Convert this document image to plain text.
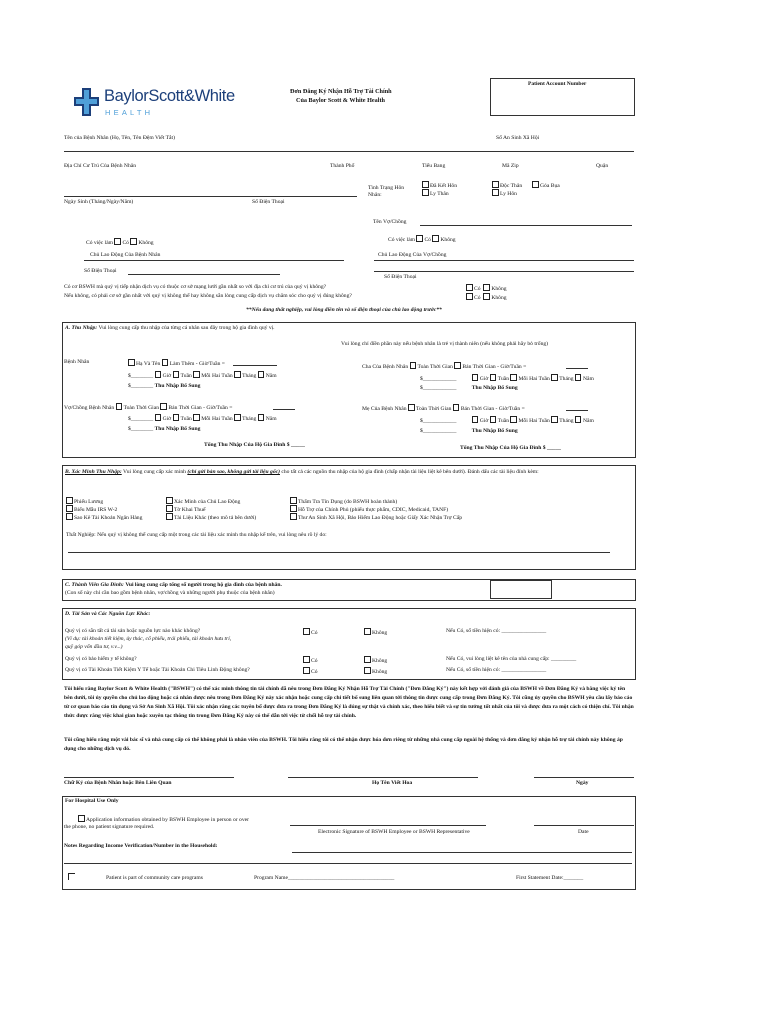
BaylorScott&White
HEALTH
Đơn Đăng Ký Nhận Hỗ Trợ Tài Chính
Của Baylor Scott & White Health
Patient Account Number
Tên của Bệnh Nhân (Họ, Tên, Tên Đệm Viết Tắt)	Số An Sinh Xã Hội
Địa Chỉ Cư Trú Của Bệnh Nhân	Thành Phố	Tiểu Bang	Mã Zip	Quận
Tình Trạng Hôn Nhân:
Đã Kết Hôn
Ly Thân
Độc Thân	Góa Bụa
Ly Hôn
Ngày Sinh (Tháng/Ngày/Năm)	Số Điện Thoại
Tên Vợ/Chồng
Có việc làm Có Không	Có việc làm Có Không
Chủ Lao Động Của Bệnh Nhân	Chủ Lao Động Của Vợ/Chồng
Số Điện Thoại
Số Điện Thoại
Có cơ BSWH mà quý vị tiếp nhận dịch vụ có thuộc cơ sở mạng lưới gần nhất so với địa chỉ cư trú của quý vị không?
Nếu không, có phải cơ sở gần nhất với quý vị không thể hay không sẵn lòng cung cấp dịch vụ chăm sóc cho quý vị đúng không?
Có Không
Có Không
**Nếu đang thất nghiệp, vui lòng điền tên và số điện thoại của chủ lao động trước**
A. Thu Nhập: Vui lòng cung cấp thu nhập của từng cá nhân sau đây trong hộ gia đình quý vị.
Vui lòng chỉ điền phần này nếu bệnh nhân là trẻ vị thành niên (nếu không phải hãy bỏ trống)
Bệnh Nhân	Hạ Và Tên Làm Thêm - Giờ/Tuần =
$________ Giờ Tuần Mỗi Hai Tuần Tháng Năm
$________ Thu Nhập Bổ Sung
Cha Của Bệnh Nhân Toàn Thời Gian Bán Thời Gian - Giờ/Tuần =
$____________	Giờ Tuần Mỗi Hai Tuần Tháng Năm
$____________	Thu Nhập Bổ Sung
Vợ/Chồng Bệnh Nhân Toàn Thời Gian Bán Thời Gian - Giờ/Tuần =
$________ Giờ Tuần Mỗi Hai Tuần Tháng Năm
$________ Thu Nhập Bổ Sung
Mẹ Của Bệnh Nhân Toàn Thời Gian Bán Thời Gian - Giờ/Tuần =
$____________	Giờ Tuần Mỗi Hai Tuần Tháng Năm
$____________	Thu Nhập Bổ Sung
Tổng Thu Nhập Của Hộ Gia Đình $ _____	Tổng Thu Nhập Của Hộ Gia Đình $ _____
B. Xác Minh Thu Nhập: Vui lòng cung cấp xác minh (chỉ gửi bản sao, không gửi tài liệu gốc) cho tất cả các nguồn thu nhập của hộ gia đình (chấp nhận tài liệu liệt kê bên dưới). Đánh dấu các tài liệu đính kèm:
Phiếu Lương
Biểu Mẫu IRS W-2
Sao Kê Tài Khoản Ngân Hàng
Xác Minh của Chủ Lao Động
Tờ Khai Thuế
Tài Liệu Khác (theo mô tả bên dưới)
Thẩm Tra Tín Dụng (do BSWH hoàn thành)
Hỗ Trợ của Chính Phủ (phiếu thực phẩm, CDIC, Medicaid, TANF)
Thư An Sinh Xã Hội, Bảo Hiểm Lao Động hoặc Giấy Xác Nhận Trợ Cấp
Thất Nghiệp: Nếu quý vị không thể cung cấp một trong các tài liệu xác minh thu nhập kể trên, vui lòng nêu rõ lý do:
C. Thành Viên Gia Đình: Vui lòng cung cấp tổng số người trong hộ gia đình của bệnh nhân.
(Con số này chỉ cần bao gồm bệnh nhân, vợ/chồng và những người phụ thuộc của bệnh nhân)
D. Tài Sản và Các Nguồn Lực Khác:
Quý vị có sẵn tất cả tài sản hoặc nguồn lực nào khác không?
(Ví dụ: tài khoản tiết kiệm, ủy thác, cổ phiếu, trái phiếu, tài khoản hưu trí,
quỹ góp vốn đầu tư, v.v...)
Có	Không	Nếu Có, số tiền hiện có: ________________
Quý vị có bảo hiểm y tế không?	Có	Không	Nếu Có, vui lòng liệt kê tên của nhà cung cấp: _________
Quý vị có Tài Khoản Tiết Kiệm Y Tế hoặc Tài Khoản Chi Tiêu Linh Động không?	Có	Không	Nếu Có, số tiền hiện có: ________________
Tôi hiểu rằng Baylor Scott & White Health ("BSWH") có thể xác minh thông tin tài chính đã nêu trong Đơn Đăng Ký Nhận Hỗ Trợ Tài Chính ("Đơn Đăng Ký") này kết hợp với đánh giá của BSWH về Đơn Đăng Ký và bằng việc ký tên bên dưới, tôi ủy quyền cho chủ lao động hoặc cá nhân được nêu trong Đơn Đăng Ký này xác nhận hoặc cung cấp chi tiết bổ sung liên quan tới thông tin được cung cấp trong Đơn Đăng Ký. Tôi cũng ủy quyền cho BSWH yêu cầu lấy báo cáo từ cơ quan báo cáo tín dụng và Sở An Sinh Xã Hội. Tôi xác nhận rằng các tuyên bố được đưa ra trong Đơn Đăng Ký là đúng sự thật và chính xác, theo hiểu biết và sự tin tưởng tốt nhất của tôi và được đưa ra một cách có thiện chí. Tôi nhận thức được rằng việc khai gian hoặc xuyên tạc thông tin trong Đơn Đăng Ký này có thể dẫn tới việc từ chối hỗ trợ tài chính.
Tôi cũng hiểu rằng một vài bác sĩ và nhà cung cấp có thể không phải là nhân viên của BSWH. Tôi hiểu rằng tôi có thể nhận được hóa đơn riêng từ những nhà cung cấp ngoài hệ thống và đơn đăng ký nhận hỗ trợ tài chính này không áp dụng cho những dịch vụ đó.
Chữ Ký của Bệnh Nhân hoặc Bên Liên Quan	Họ Tên Viết Hoa	Ngày
For Hospital Use Only
Application information obtained by BSWH Employee in person or over
the phone, no patient signature required.
Electronic Signature of BSWH Employee or BSWH Representative	Date
Notes Regarding Income Verification/Number in the Household:
Patient is part of community care programs	Program Name______________________________________	First Statement Date:_______
